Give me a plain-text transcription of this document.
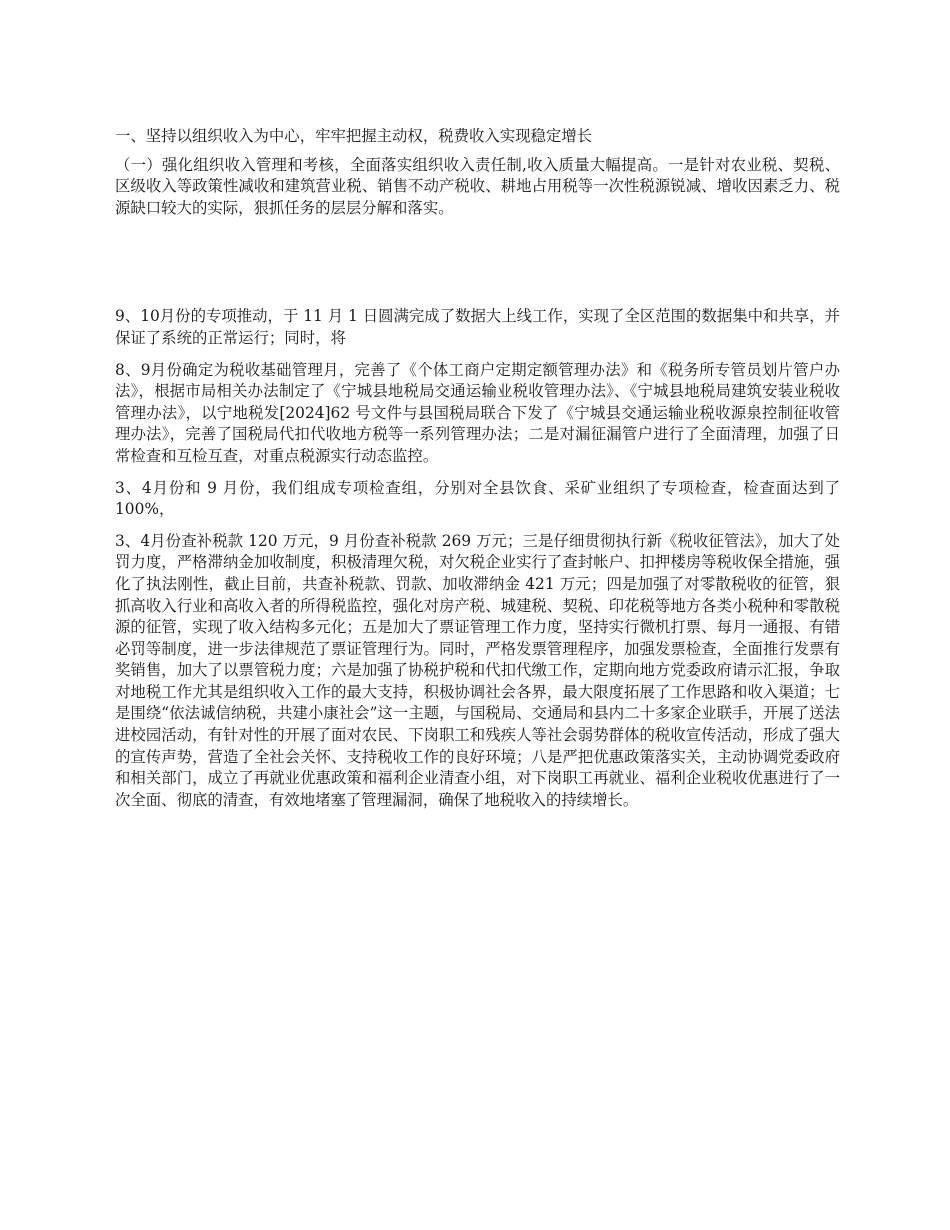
一、坚持以组织收入为中心，牢牢把握主动权，税费收入实现稳定增长

（一）强化组织收入管理和考核，全面落实组织收入责任制,收入质量大幅提高。一是针对农业税、契税、区级收入等政策性减收和建筑营业税、销售不动产税收、耕地占用税等一次性税源锐减、增收因素乏力、税源缺口较大的实际，狠抓任务的层层分解和落实。

9、10月份的专项推动，于 11 月 1 日圆满完成了数据大上线工作，实现了全区范围的数据集中和共享，并保证了系统的正常运行；同时，将

8、9月份确定为税收基础管理月，完善了《个体工商户定期定额管理办法》和《税务所专管员划片管户办法》，根据市局相关办法制定了《宁城县地税局交通运输业税收管理办法》、《宁城县地税局建筑安装业税收管理办法》，以宁地税发[2024]62 号文件与县国税局联合下发了《宁城县交通运输业税收源泉控制征收管理办法》，完善了国税局代扣代收地方税等一系列管理办法；二是对漏征漏管户进行了全面清理，加强了日常检查和互检互查，对重点税源实行动态监控。

3、4月份和 9 月份，我们组成专项检查组，分别对全县饮食、采矿业组织了专项检查，检查面达到了 100%，

3、4月份查补税款 120 万元，9 月份查补税款 269 万元；三是仔细贯彻执行新《税收征管法》，加大了处罚力度，严格滞纳金加收制度，积极清理欠税，对欠税企业实行了查封帐户、扣押楼房等税收保全措施，强化了执法刚性，截止目前，共查补税款、罚款、加收滞纳金 421 万元；四是加强了对零散税收的征管，狠抓高收入行业和高收入者的所得税监控，强化对房产税、城建税、契税、印花税等地方各类小税种和零散税源的征管，实现了收入结构多元化；五是加大了票证管理工作力度，坚持实行微机打票、每月一通报、有错必罚等制度，进一步法律规范了票证管理行为。同时，严格发票管理程序，加强发票检查，全面推行发票有奖销售，加大了以票管税力度；六是加强了协税护税和代扣代缴工作，定期向地方党委政府请示汇报，争取对地税工作尤其是组织收入工作的最大支持，积极协调社会各界，最大限度拓展了工作思路和收入渠道；七是围绕“依法诚信纳税，共建小康社会”这一主题，与国税局、交通局和县内二十多家企业联手，开展了送法进校园活动，有针对性的开展了面对农民、下岗职工和残疾人等社会弱势群体的税收宣传活动，形成了强大的宣传声势，营造了全社会关怀、支持税收工作的良好环境；八是严把优惠政策落实关，主动协调党委政府和相关部门，成立了再就业优惠政策和福利企业清查小组，对下岗职工再就业、福利企业税收优惠进行了一次全面、彻底的清查，有效地堵塞了管理漏洞，确保了地税收入的持续增长。
